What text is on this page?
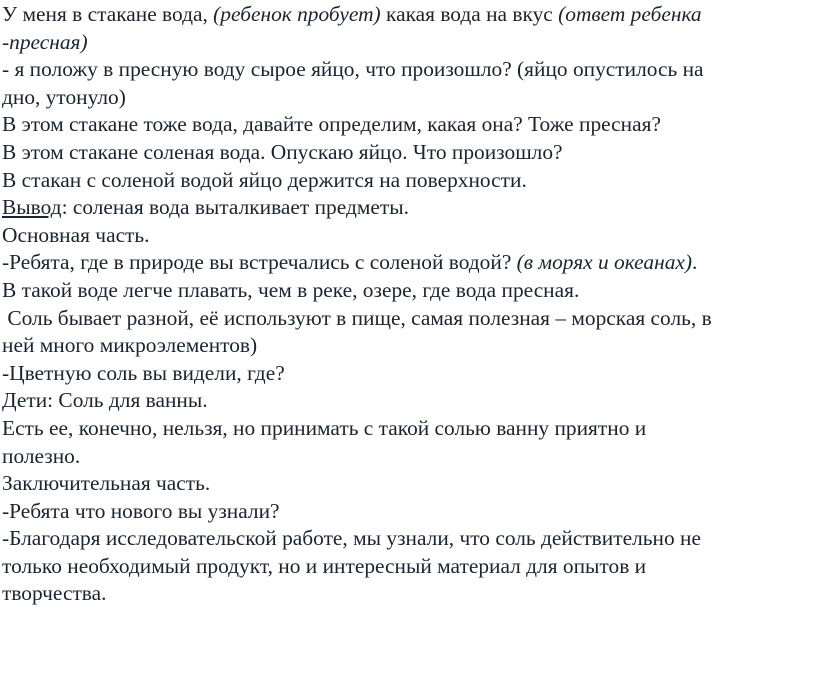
У меня в стакане вода, (ребенок пробует) какая вода на вкус (ответ ребенка

-пресная)

- я положу в пресную воду сырое яйцо, что произошло? (яйцо опустилось на

дно, утонуло)

В этом стакане тоже вода, давайте определим, какая она? Тоже пресная?

В этом стакане соленая вода. Опускаю яйцо. Что произошло?

В стакан с соленой водой яйцо держится на поверхности.

Вывод: соленая вода выталкивает предметы.

Основная часть.

-Ребята, где в природе вы встречались с соленой водой? (в морях и океанах).

В такой воде легче плавать, чем в реке, озере, где вода пресная.

Соль бывает разной, её используют в пище, самая полезная – морская соль, в

ней много микроэлементов)

-Цветную соль вы видели, где?

Дети: Соль для ванны.

Есть ее, конечно, нельзя, но принимать с такой солью ванну приятно и

полезно.

Заключительная часть.

-Ребята что нового вы узнали?

-Благодаря исследовательской работе, мы узнали, что соль действительно не

только необходимый продукт, но и интересный материал для опытов и

творчества.
